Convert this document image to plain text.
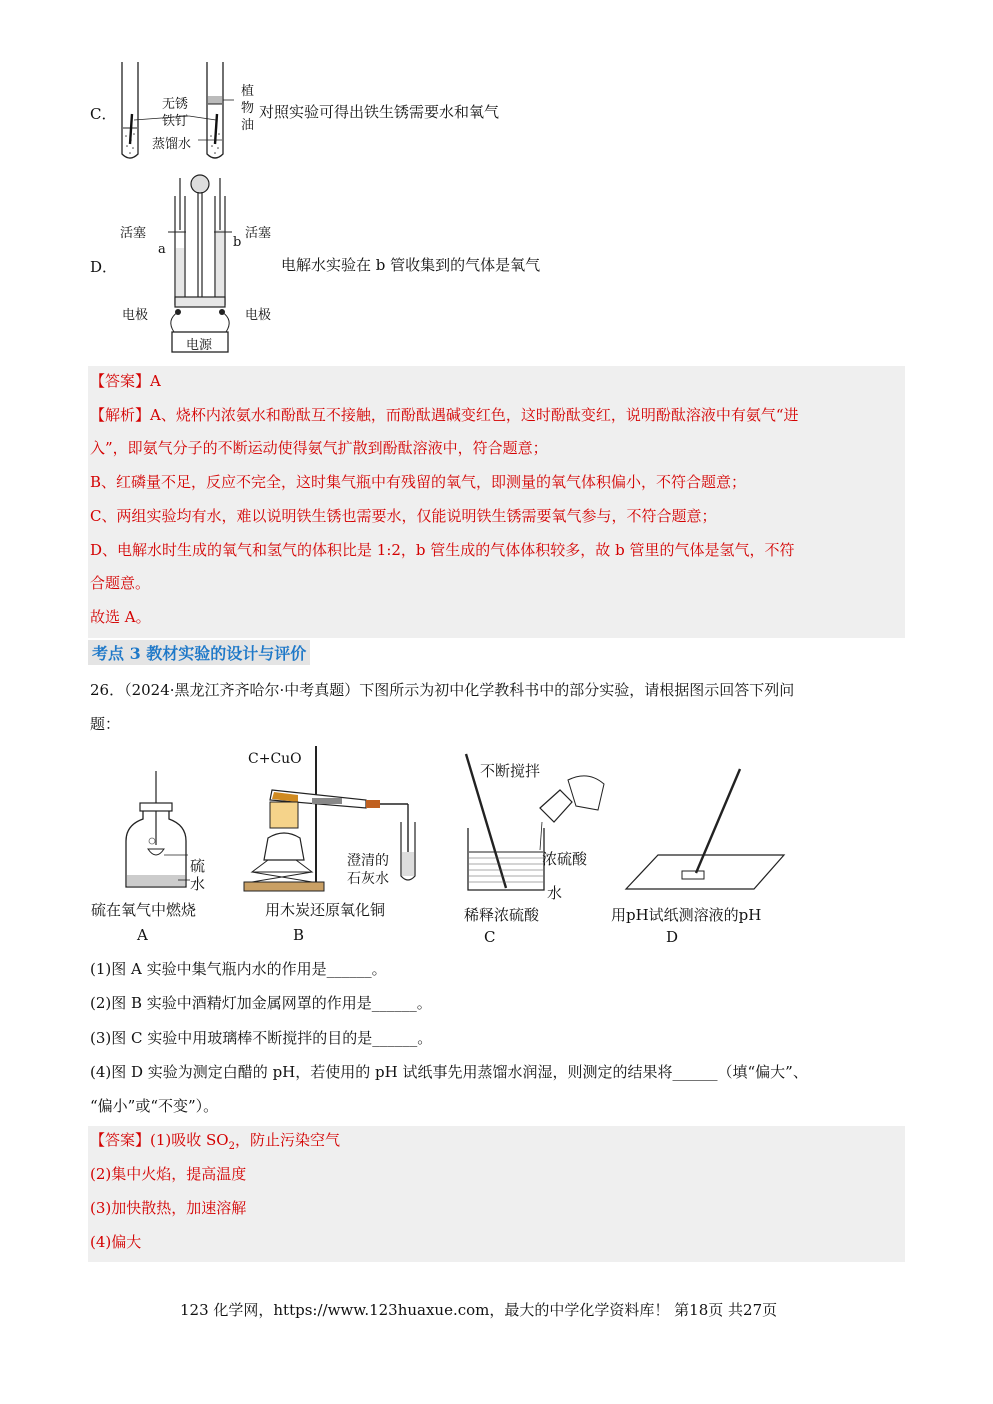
C．
无锈
铁钉
蒸馏水
植
物
油
对照实验可得出铁生锈需要水和氧气
D．
活塞	活塞
a	b
电极	电极
电源
电解水实验在 b 管收集到的气体是氧气
【答案】A
【解析】A、烧杯内浓氨水和酚酞互不接触，而酚酞遇碱变红色，这时酚酞变红，说明酚酞溶液中有氨气“进
入”，即氨气分子的不断运动使得氨气扩散到酚酞溶液中，符合题意；
B、红磷量不足，反应不完全，这时集气瓶中有残留的氧气，即测量的氧气体积偏小，不符合题意；
C、两组实验均有水，难以说明铁生锈也需要水，仅能说明铁生锈需要氧气参与，不符合题意；
D、电解水时生成的氧气和氢气的体积比是 1:2，b 管生成的气体体积较多，故 b 管里的气体是氢气，不符
合题意。
故选 A。
考点 3 教材实验的设计与评价
26．（2024·黑龙江齐齐哈尔·中考真题）下图所示为初中化学教科书中的部分实验，请根据图示回答下列问
题：
硫
水
硫在氧气中燃烧
A
C+CuO
澄清的
石灰水
用木炭还原氧化铜
B
不断搅拌
浓硫酸
水
稀释浓硫酸
C
用pH试纸测溶液的pH
D
(1)图 A 实验中集气瓶内水的作用是______。
(2)图 B 实验中酒精灯加金属网罩的作用是______。
(3)图 C 实验中用玻璃棒不断搅拌的目的是______。
(4)图 D 实验为测定白醋的 pH，若使用的 pH 试纸事先用蒸馏水润湿，则测定的结果将______（填“偏大”、
“偏小”或“不变”）。
【答案】(1)吸收 $SO_2$，防止污染空气
(2)集中火焰，提高温度
(3)加快散热，加速溶解
(4)偏大
123 化学网，https://www.123huaxue.com，最大的中学化学资料库！ 第18页 共27页
